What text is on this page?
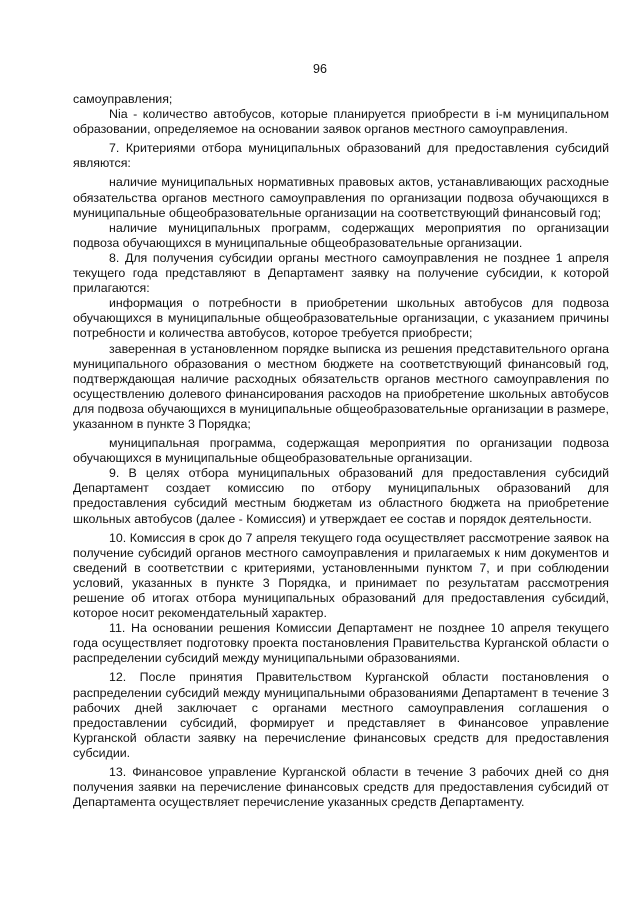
96

самоуправления;

Nia - количество автобусов, которые планируется приобрести в i-м муниципальном образовании, определяемое на основании заявок органов местного самоуправления.

7. Критериями отбора муниципальных образований для предоставления субсидий являются:

наличие муниципальных нормативных правовых актов, устанавливающих расходные обязательства органов местного самоуправления по организации подвоза обучающихся в муниципальные общеобразовательные организации на соответствующий финансовый год;

наличие муниципальных программ, содержащих мероприятия по организации подвоза обучающихся в муниципальные общеобразовательные организации.

8. Для получения субсидии органы местного самоуправления не позднее 1 апреля текущего года представляют в Департамент заявку на получение субсидии, к которой прилагаются:

информация о потребности в приобретении школьных автобусов для подвоза обучающихся в муниципальные общеобразовательные организации, с указанием причины потребности и количества автобусов, которое требуется приобрести;

заверенная в установленном порядке выписка из решения представительного органа муниципального образования о местном бюджете на соответствующий финансовый год, подтверждающая наличие расходных обязательств органов местного самоуправления по осуществлению долевого финансирования расходов на приобретение школьных автобусов для подвоза обучающихся в муниципальные общеобразовательные организации в размере, указанном в пункте 3 Порядка;

муниципальная программа, содержащая мероприятия по организации подвоза обучающихся в муниципальные общеобразовательные организации.

9. В целях отбора муниципальных образований для предоставления субсидий Департамент создает комиссию по отбору муниципальных образований для предоставления субсидий местным бюджетам из областного бюджета на приобретение школьных автобусов (далее - Комиссия) и утверждает ее состав и порядок деятельности.

10. Комиссия в срок до 7 апреля текущего года осуществляет рассмотрение заявок на получение субсидий органов местного самоуправления и прилагаемых к ним документов и сведений в соответствии с критериями, установленными пунктом 7, и при соблюдении условий, указанных в пункте 3 Порядка, и принимает по результатам рассмотрения решение об итогах отбора муниципальных образований для предоставления субсидий, которое носит рекомендательный характер.

11. На основании решения Комиссии Департамент не позднее 10 апреля текущего года осуществляет подготовку проекта постановления Правительства Курганской области о распределении субсидий между муниципальными образованиями.

12. После принятия Правительством Курганской области постановления о распределении субсидий между муниципальными образованиями Департамент в течение 3 рабочих дней заключает с органами местного самоуправления соглашения о предоставлении субсидий, формирует и представляет в Финансовое управление Курганской области заявку на перечисление финансовых средств для предоставления субсидии.

13. Финансовое управление Курганской области в течение 3 рабочих дней со дня получения заявки на перечисление финансовых средств для предоставления субсидий от Департамента осуществляет перечисление указанных средств Департаменту.
